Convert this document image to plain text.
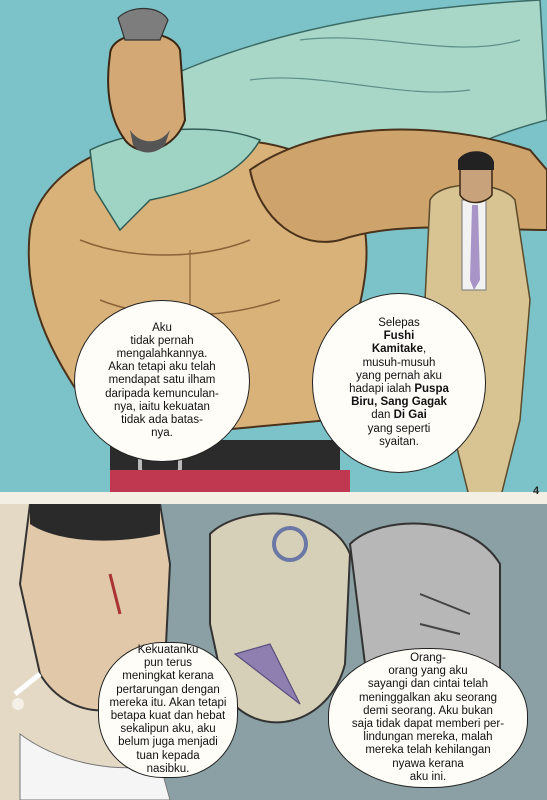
Aku
tidak pernah
mengalahkannya.
Akan tetapi aku telah
mendapat satu ilham
daripada kemunculan-
nya, iaitu kekuatan
tidak ada batas-
nya.
Selepas
Fushi
Kamitake,
musuh-musuh
yang pernah aku
hadapi ialah Puspa
Biru, Sang Gagak
dan Di Gai
yang seperti
syaitan.
4
Kekuatanku
pun terus
meningkat kerana
pertarungan dengan
mereka itu. Akan tetapi
betapa kuat dan hebat
sekalipun aku, aku
belum juga menjadi
tuan kepada
nasibku.
Orang-
orang yang aku
sayangi dan cintai telah
meninggalkan aku seorang
demi seorang. Aku bukan
saja tidak dapat memberi per-
lindungan mereka, malah
mereka telah kehilangan
nyawa kerana
aku ini.
